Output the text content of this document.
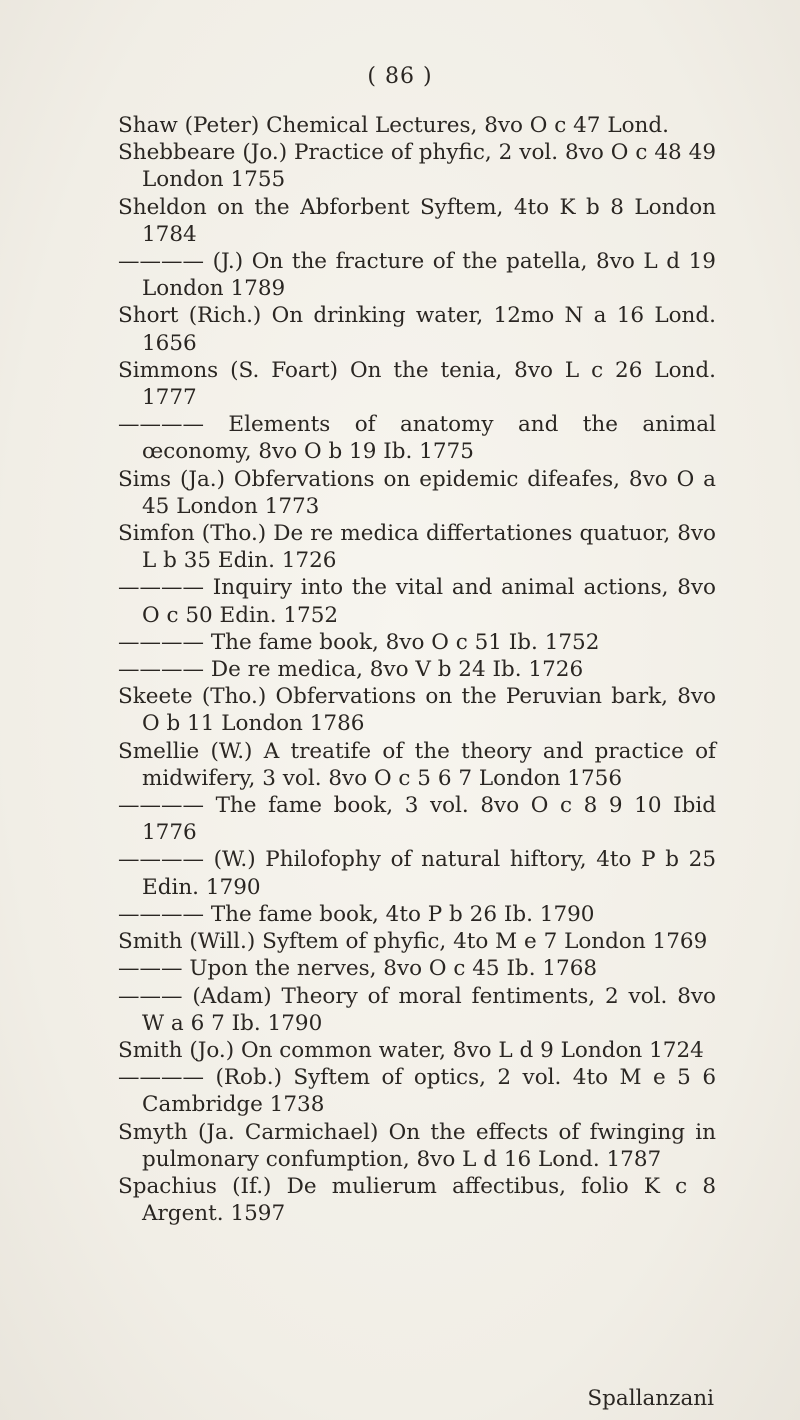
( 86 )
Shaw (Peter) Chemical Lectures, 8vo O c 47 Lond.
Shebbeare (Jo.) Practice of phyfic, 2 vol. 8vo O c 48 49 London 1755
Sheldon on the Abforbent Syftem, 4to K b 8 London 1784
———— (J.) On the fracture of the patella, 8vo L d 19 London 1789
Short (Rich.) On drinking water, 12mo N a 16 Lond. 1656
Simmons (S. Foart) On the tenia, 8vo L c 26 Lond. 1777
———— Elements of anatomy and the animal œconomy, 8vo O b 19 Ib. 1775
Sims (Ja.) Obfervations on epidemic difeafes, 8vo O a 45 London 1773
Simfon (Tho.) De re medica differtationes quatuor, 8vo L b 35 Edin. 1726
———— Inquiry into the vital and animal actions, 8vo O c 50 Edin. 1752
———— The fame book, 8vo O c 51 Ib. 1752
———— De re medica, 8vo V b 24 Ib. 1726
Skeete (Tho.) Obfervations on the Peruvian bark, 8vo O b 11 London 1786
Smellie (W.) A treatife of the theory and practice of midwifery, 3 vol. 8vo O c 5 6 7 London 1756
———— The fame book, 3 vol. 8vo O c 8 9 10 Ibid 1776
———— (W.) Philofophy of natural hiftory, 4to P b 25 Edin. 1790
———— The fame book, 4to P b 26 Ib. 1790
Smith (Will.) Syftem of phyfic, 4to M e 7 London 1769
——— Upon the nerves, 8vo O c 45 Ib. 1768
——— (Adam) Theory of moral fentiments, 2 vol. 8vo W a 6 7 Ib. 1790
Smith (Jo.) On common water, 8vo L d 9 London 1724
———— (Rob.) Syftem of optics, 2 vol. 4to M e 5 6 Cambridge 1738
Smyth (Ja. Carmichael) On the effects of fwinging in pulmonary confumption, 8vo L d 16 Lond. 1787
Spachius (If.) De mulierum affectibus, folio K c 8 Argent. 1597
Spallanzani
